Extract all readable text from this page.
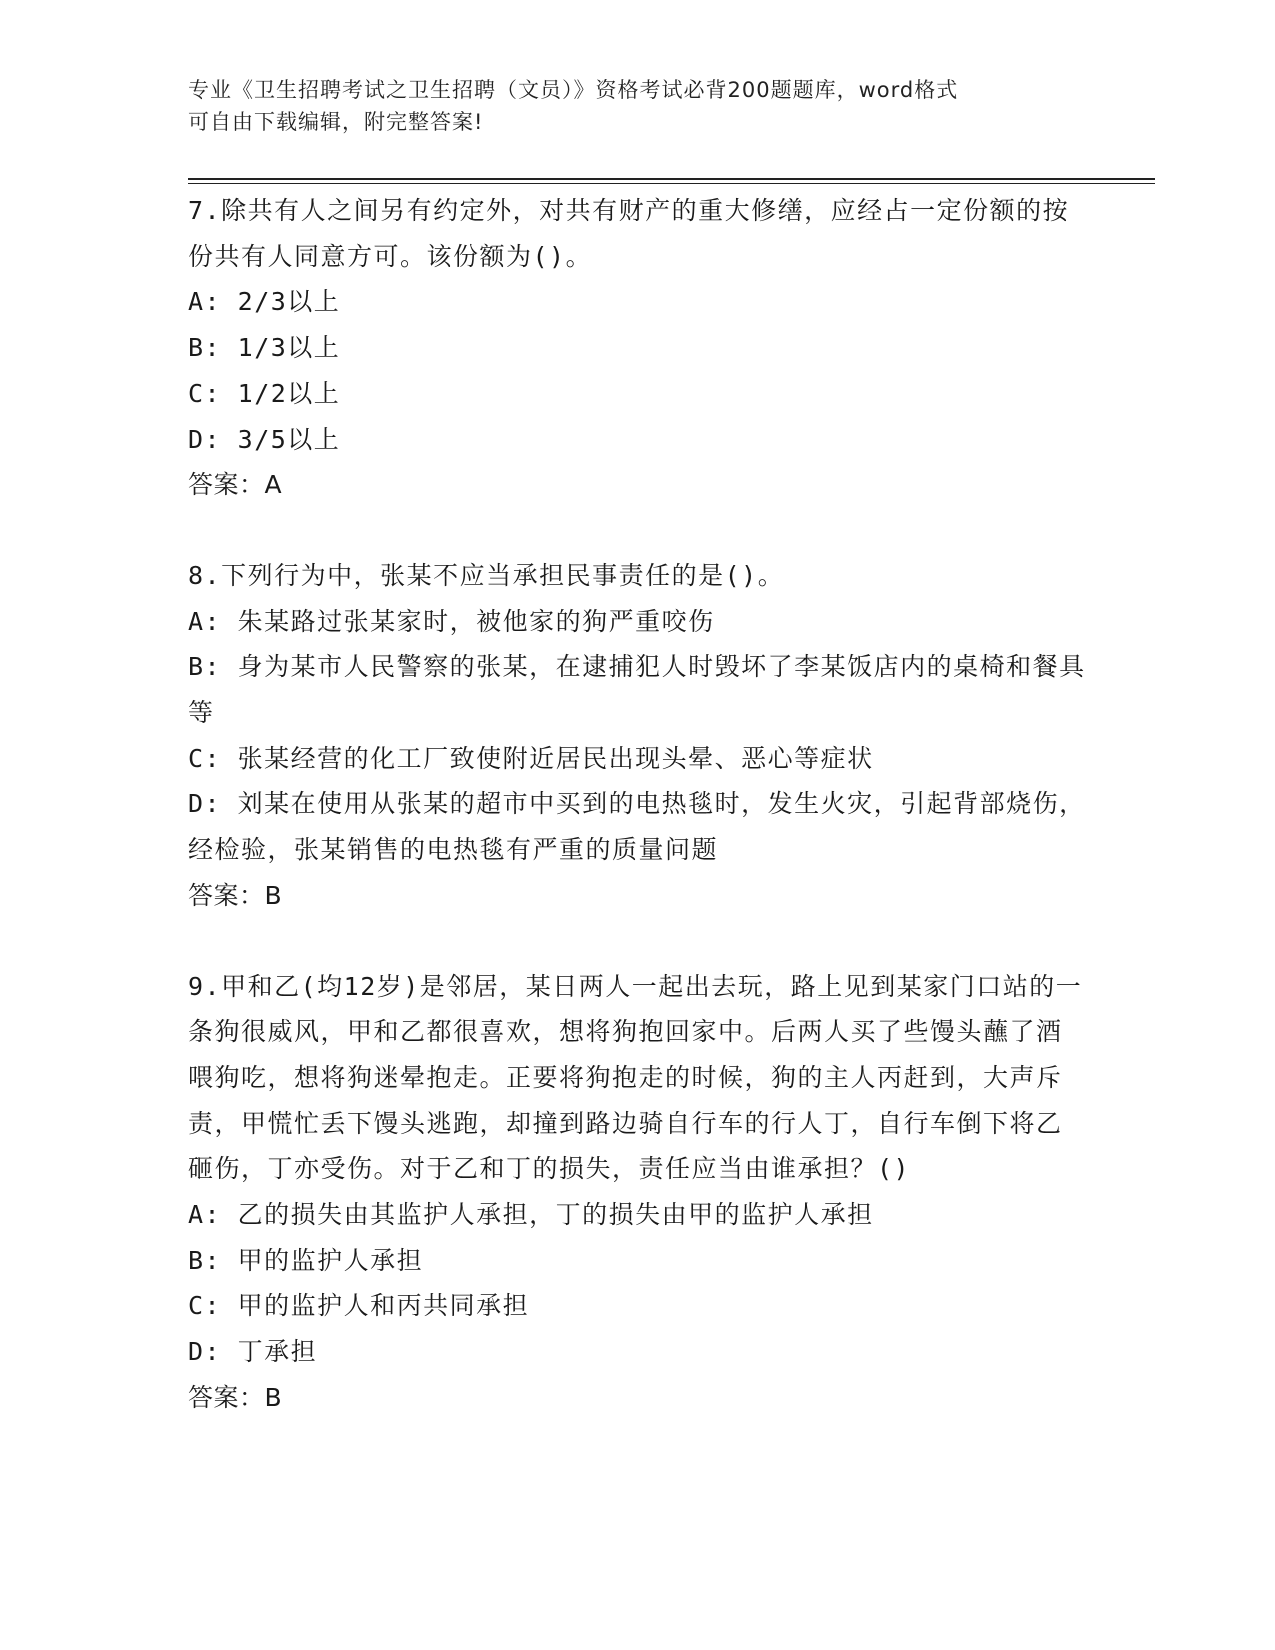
专业《卫生招聘考试之卫生招聘（文员）》资格考试必背200题题库，word格式
可自由下载编辑，附完整答案!

7.除共有人之间另有约定外，对共有财产的重大修缮，应经占一定份额的按份共有人同意方可。该份额为()。

A: 2/3以上

B: 1/3以上

C: 1/2以上

D: 3/5以上

答案：A

8.下列行为中，张某不应当承担民事责任的是()。

A: 朱某路过张某家时，被他家的狗严重咬伤

B: 身为某市人民警察的张某，在逮捕犯人时毁坏了李某饭店内的桌椅和餐具等

C: 张某经营的化工厂致使附近居民出现头晕、恶心等症状

D: 刘某在使用从张某的超市中买到的电热毯时，发生火灾，引起背部烧伤，经检验，张某销售的电热毯有严重的质量问题

答案：B

9.甲和乙(均12岁)是邻居，某日两人一起出去玩，路上见到某家门口站的一条狗很威风，甲和乙都很喜欢，想将狗抱回家中。后两人买了些馒头蘸了酒喂狗吃，想将狗迷晕抱走。正要将狗抱走的时候，狗的主人丙赶到，大声斥责，甲慌忙丢下馒头逃跑，却撞到路边骑自行车的行人丁，自行车倒下将乙砸伤，丁亦受伤。对于乙和丁的损失，责任应当由谁承担？()

A: 乙的损失由其监护人承担，丁的损失由甲的监护人承担

B: 甲的监护人承担

C: 甲的监护人和丙共同承担

D: 丁承担

答案：B
